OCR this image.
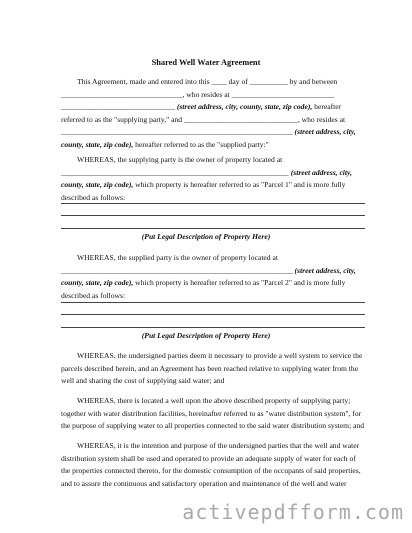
Shared Well Water Agreement
This Agreement, made and entered into this ____ day of __________ by and between
________________________________, who resides at ___________________________
______________________________ (street address, city, county, state, zip code), hereafter
referred to as the "supplying party," and ______________________________, who resides at
_____________________________________________________________ (street address, city,
county, state, zip code), hereafter referred to as the "supplied party:"
WHEREAS, the supplying party is the owner of property located at
____________________________________________________________ (street address, city,
county, state, zip code), which property is hereafter referred to as "Parcel 1" and is more fully
described as follows:
(Put Legal Description of Property Here)
WHEREAS, the supplied party is the owner of property located at
_____________________________________________________________ (street address, city,
county, state, zip code), which property is hereafter referred to as "Parcel 2" and is more fully
described as follows:
(Put Legal Description of Property Here)
WHEREAS, the undersigned parties deem it necessary to provide a well system to service the
parcels described herein, and an Agreement has been reached relative to supplying water from the
well and sharing the cost of supplying said water; and
WHEREAS, there is located a well upon the above described property of supplying party;
together with water distribution facilities, hereinafter referred to as "water distribution system", for
the purpose of supplying water to all properties connected to the said water distribution system; and
WHEREAS, it is the intention and purpose of the undersigned parties that the well and water
distribution system shall be used and operated to provide an adequate supply of water for each of
the properties connected thereto, for the domestic consumption of the occupants of said properties,
and to assure the continuous and satisfactory operation and maintenance of the well and water
activepdfform.com
